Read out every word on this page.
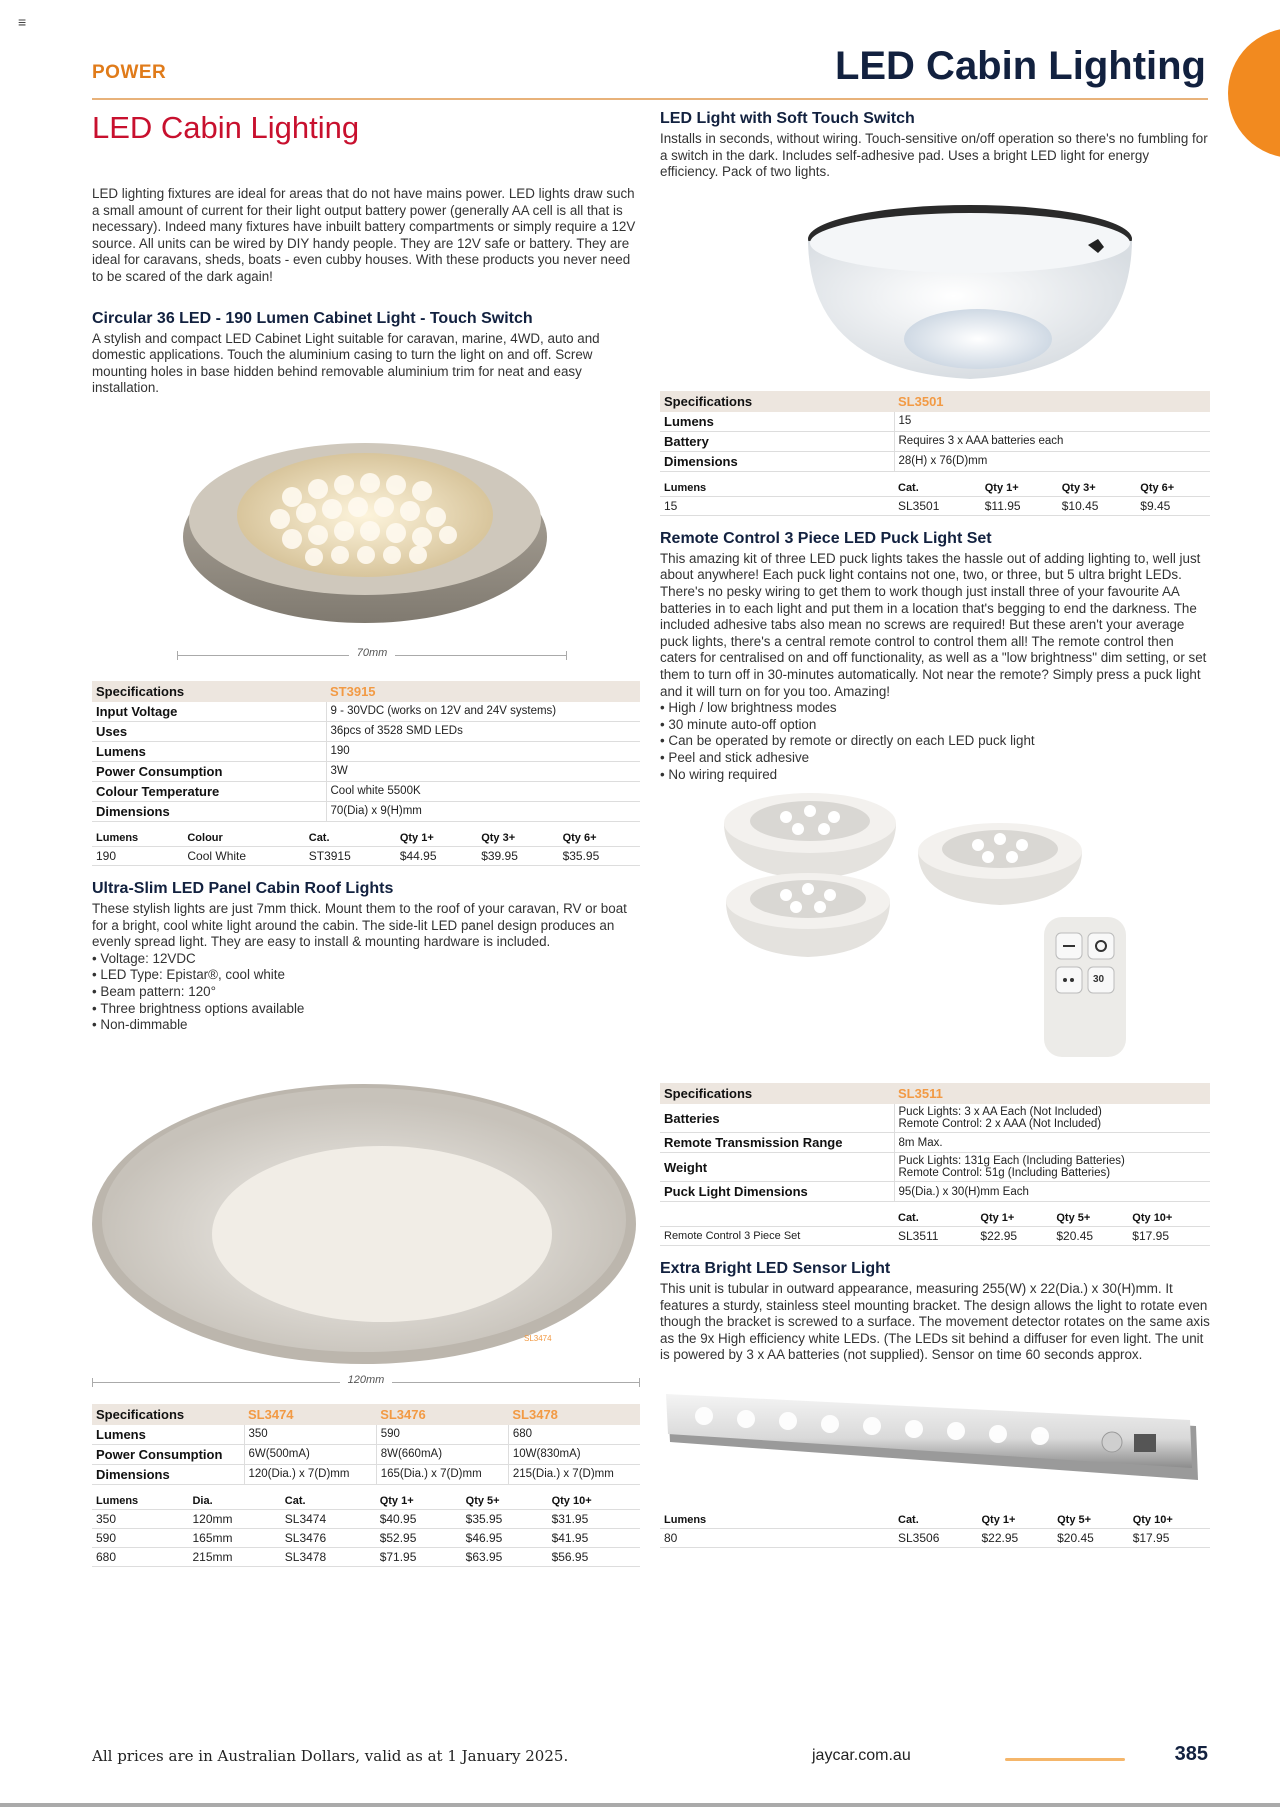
≡
POWER	LED Cabin Lighting
LED Cabin Lighting

LED lighting fixtures are ideal for areas that do not have mains power. LED lights draw such a small amount of current for their light output battery power (generally AA cell is all that is necessary). Indeed many fixtures have inbuilt battery compartments or simply require a 12V source. All units can be wired by DIY handy people. They are 12V safe or battery. They are ideal for caravans, sheds, boats - even cubby houses. With these products you never need to be scared of the dark again!

Circular 36 LED - 190 Lumen Cabinet Light - Touch Switch

A stylish and compact LED Cabinet Light suitable for caravan, marine, 4WD, auto and domestic applications. Touch the aluminium casing to turn the light on and off. Screw mounting holes in base hidden behind removable aluminium trim for neat and easy installation.

70mm
Specifications	ST3915
Input Voltage	9 - 30VDC (works on 12V and 24V systems)
Uses	36pcs of 3528 SMD LEDs
Lumens	190
Power Consumption	3W
Colour Temperature	Cool white 5500K
Dimensions	70(Dia) x 9(H)mm
Lumens	Colour	Cat.	Qty 1+	Qty 3+	Qty 6+
190	Cool White	ST3915	$44.95	$39.95	$35.95
Ultra-Slim LED Panel Cabin Roof Lights

These stylish lights are just 7mm thick. Mount them to the roof of your caravan, RV or boat for a bright, cool white light around the cabin. The side-lit LED panel design produces an evenly spread light. They are easy to install & mounting hardware is included.

• Voltage: 12VDC
• LED Type: Epistar®, cool white
• Beam pattern: 120°
• Three brightness options available
• Non-dimmable
SL3474
120mm
Specifications	SL3474	SL3476	SL3478
Lumens	350	590	680
Power Consumption	6W(500mA)	8W(660mA)	10W(830mA)
Dimensions	120(Dia.) x 7(D)mm	165(Dia.) x 7(D)mm	215(Dia.) x 7(D)mm
Lumens	Dia.	Cat.	Qty 1+	Qty 5+	Qty 10+
350	120mm	SL3474	$40.95	$35.95	$31.95
590	165mm	SL3476	$52.95	$46.95	$41.95
680	215mm	SL3478	$71.95	$63.95	$56.95
LED Light with Soft Touch Switch

Installs in seconds, without wiring. Touch-sensitive on/off operation so there's no fumbling for a switch in the dark. Includes self-adhesive pad. Uses a bright LED light for energy efficiency. Pack of two lights.

Specifications	SL3501
Lumens	15
Battery	Requires 3 x AAA batteries each
Dimensions	28(H) x 76(D)mm
Lumens	Cat.	Qty 1+	Qty 3+	Qty 6+
15	SL3501	$11.95	$10.45	$9.45
Remote Control 3 Piece LED Puck Light Set

This amazing kit of three LED puck lights takes the hassle out of adding lighting to, well just about anywhere! Each puck light contains not one, two, or three, but 5 ultra bright LEDs. There's no pesky wiring to get them to work though just install three of your favourite AA batteries in to each light and put them in a location that's begging to end the darkness. The included adhesive tabs also mean no screws are required! But these aren't your average puck lights, there's a central remote control to control them all! The remote control then caters for centralised on and off functionality, as well as a "low brightness" dim setting, or set them to turn off in 30-minutes automatically. Not near the remote? Simply press a puck light and it will turn on for you too. Amazing!

• High / low brightness modes
• 30 minute auto-off option
• Can be operated by remote or directly on each LED puck light
• Peel and stick adhesive
• No wiring required
30
Specifications	SL3511
Batteries	Puck Lights: 3 x AA Each (Not Included)
Remote Control: 2 x AAA (Not Included)

Remote Transmission Range	8m Max.

Weight	Puck Lights: 131g Each (Including Batteries)
Remote Control: 51g (Including Batteries)

Puck Light Dimensions	95(Dia.) x 30(H)mm Each
	Cat.	Qty 1+	Qty 5+	Qty 10+
Remote Control 3 Piece Set	SL3511	$22.95	$20.45	$17.95
Extra Bright LED Sensor Light

This unit is tubular in outward appearance, measuring 255(W) x 22(Dia.) x 30(H)mm. It features a sturdy, stainless steel mounting bracket. The design allows the light to rotate even though the bracket is screwed to a surface. The movement detector rotates on the same axis as the 9x High efficiency white LEDs. (The LEDs sit behind a diffuser for even light. The unit is powered by 3 x AA batteries (not supplied). Sensor on time 60 seconds approx.

Lumens	Cat.	Qty 1+	Qty 5+	Qty 10+
80	SL3506	$22.95	$20.45	$17.95
All prices are in Australian Dollars, valid as at 1 January 2025.	jaycar.com.au	385
